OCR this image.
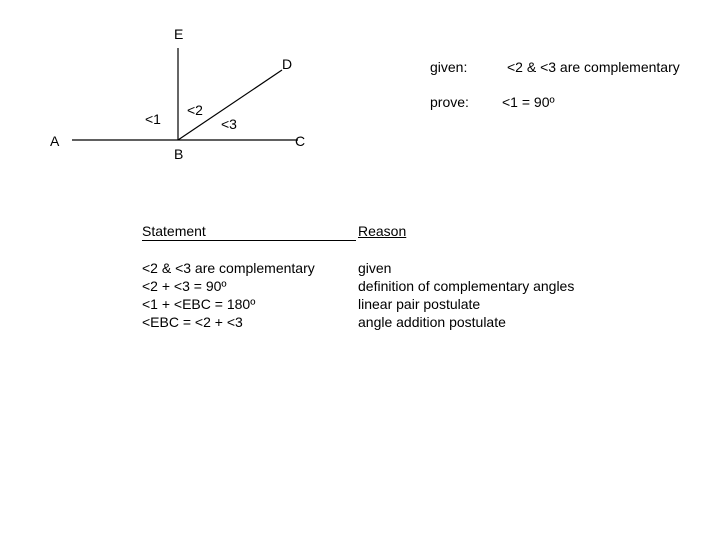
E
D
A
B
C
<1
<2
<3
given:	<2 & <3 are complementary
prove: <1 = 90º
Statement	Reason
<2 & <3 are complementary
<2 + <3 = 90º
<1 + <EBC = 180º
<EBC = <2 + <3
given
definition of complementary angles
linear pair postulate
angle addition postulate
